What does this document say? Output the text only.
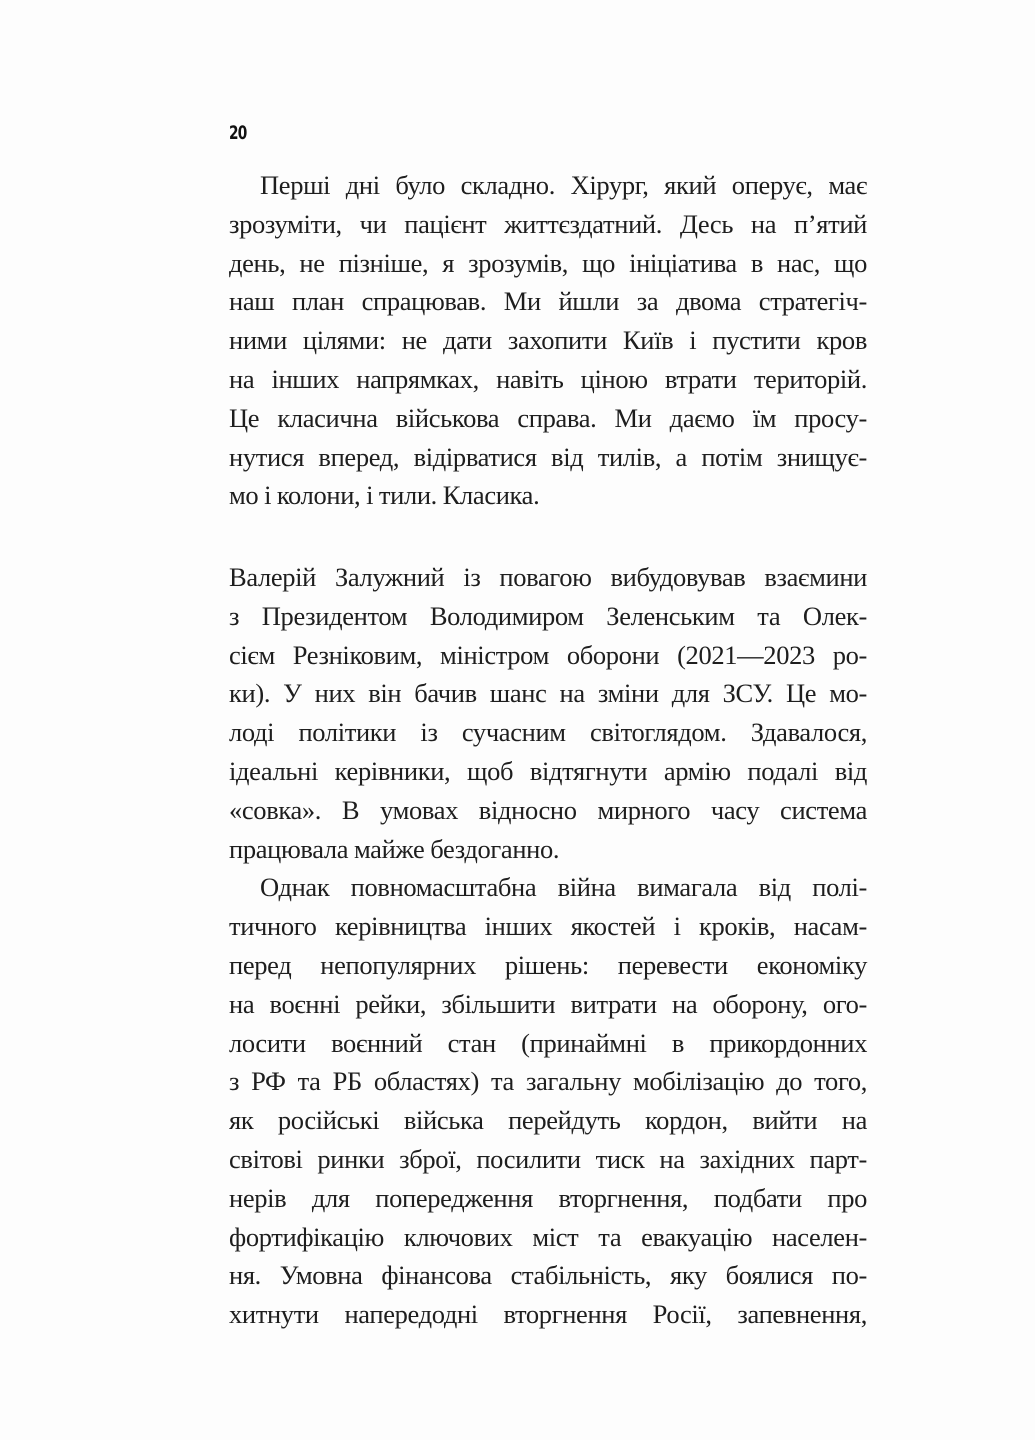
20

Перші дні було складно. Хірург, який оперує, має
зрозуміти, чи пацієнт життєздатний. Десь на п’ятий
день, не пізніше, я зрозумів, що ініціатива в нас, що
наш план спрацював. Ми йшли за двома стратегіч-
ними цілями: не дати захопити Київ і пустити кров
на інших напрямках, навіть ціною втрати територій.
Це класична військова справа. Ми даємо їм просу-
нутися вперед, відірватися від тилів, а потім знищує-
мо і колони, і тили. Класика.

Валерій Залужний із повагою вибудовував взаємини
з Президентом Володимиром Зеленським та Олек-
сієм Резніковим, міністром оборони (2021—2023 ро-
ки). У них він бачив шанс на зміни для ЗСУ. Це мо-
лоді політики із сучасним світоглядом. Здавалося,
ідеальні керівники, щоб відтягнути армію подалі від
«совка». В умовах відносно мирного часу система
працювала майже бездоганно.

Однак повномасштабна війна вимагала від полі-
тичного керівництва інших якостей і кроків, насам-
перед непопулярних рішень: перевести економіку
на воєнні рейки, збільшити витрати на оборону, ого-
лосити воєнний стан (принаймні в прикордонних
з РФ та РБ областях) та загальну мобілізацію до того,
як російські війська перейдуть кордон, вийти на
світові ринки зброї, посилити тиск на західних парт-
нерів для попередження вторгнення, подбати про
фортифікацію ключових міст та евакуацію населен-
ня. Умовна фінансова стабільність, яку боялися по-
хитнути напередодні вторгнення Росії, запевнення,
